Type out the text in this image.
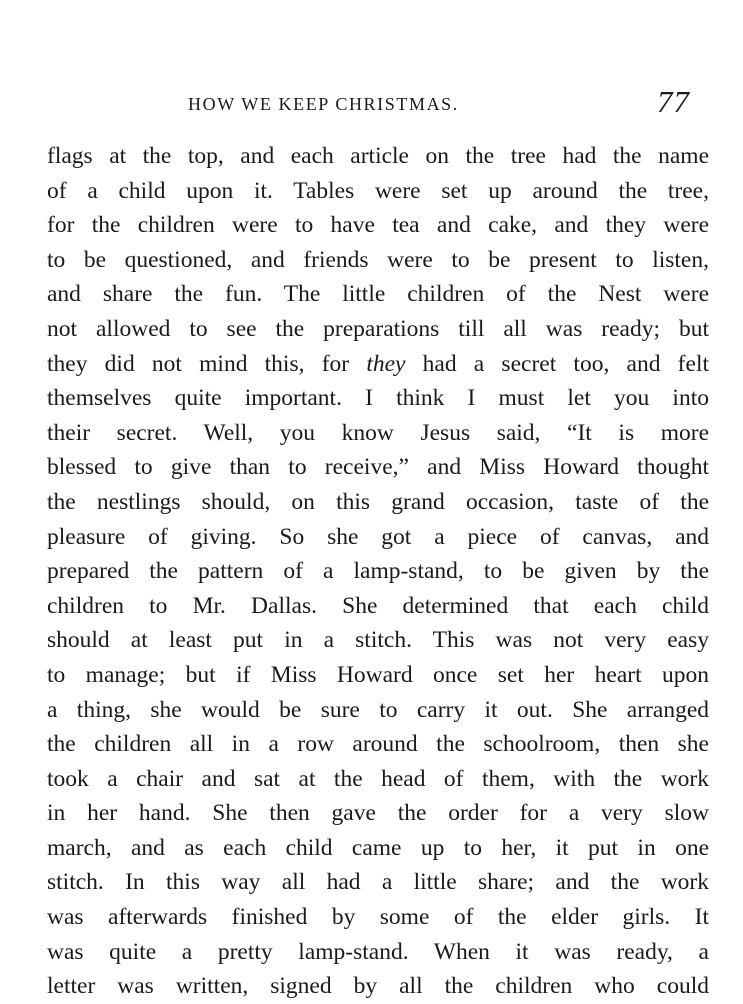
HOW WE KEEP CHRISTMAS.	77
flags at the top, and each article on the tree had the name
of a child upon it. Tables were set up around the tree,
for the children were to have tea and cake, and they were
to be questioned, and friends were to be present to listen,
and share the fun. The little children of the Nest were
not allowed to see the preparations till all was ready; but
they did not mind this, for they had a secret too, and felt
themselves quite important. I think I must let you into
their secret. Well, you know Jesus said, “It is more
blessed to give than to receive,” and Miss Howard thought
the nestlings should, on this grand occasion, taste of the
pleasure of giving. So she got a piece of canvas, and
prepared the pattern of a lamp-stand, to be given by the
children to Mr. Dallas. She determined that each child
should at least put in a stitch. This was not very easy
to manage; but if Miss Howard once set her heart upon
a thing, she would be sure to carry it out. She arranged
the children all in a row around the schoolroom, then she
took a chair and sat at the head of them, with the work
in her hand. She then gave the order for a very slow
march, and as each child came up to her, it put in one
stitch. In this way all had a little share; and the work
was afterwards finished by some of the elder girls. It
was quite a pretty lamp-stand. When it was ready, a
letter was written, signed by all the children who could
